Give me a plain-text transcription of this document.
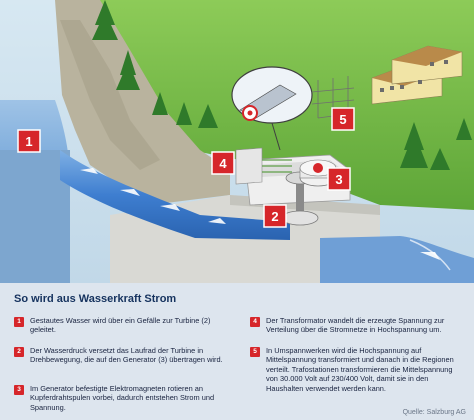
1
2
3
4
5
So wird aus Wasserkraft Strom
1	Gestautes Wasser wird über ein Gefälle zur Turbine (2) geleitet.
2	Der Wasserdruck versetzt das Laufrad der Turbine in Drehbewegung, die auf den Generator (3) übertragen wird.
3	Im Generator befestigte Elektromagneten rotieren an Kupferdrahtspulen vorbei, dadurch entstehen Strom und Spannung.
4	Der Transformator wandelt die erzeugte Spannung zur Verteilung über die Stromnetze in Hochspannung um.
5	In Umspannwerken wird die Hochspannung auf Mittelspannung transformiert und danach in die Regionen verteilt. Trafostationen transformieren die Mittelspannung von 30.000 Volt auf 230/400 Volt, damit sie in den Haushalten verwendet werden kann.
Quelle: Salzburg AG
